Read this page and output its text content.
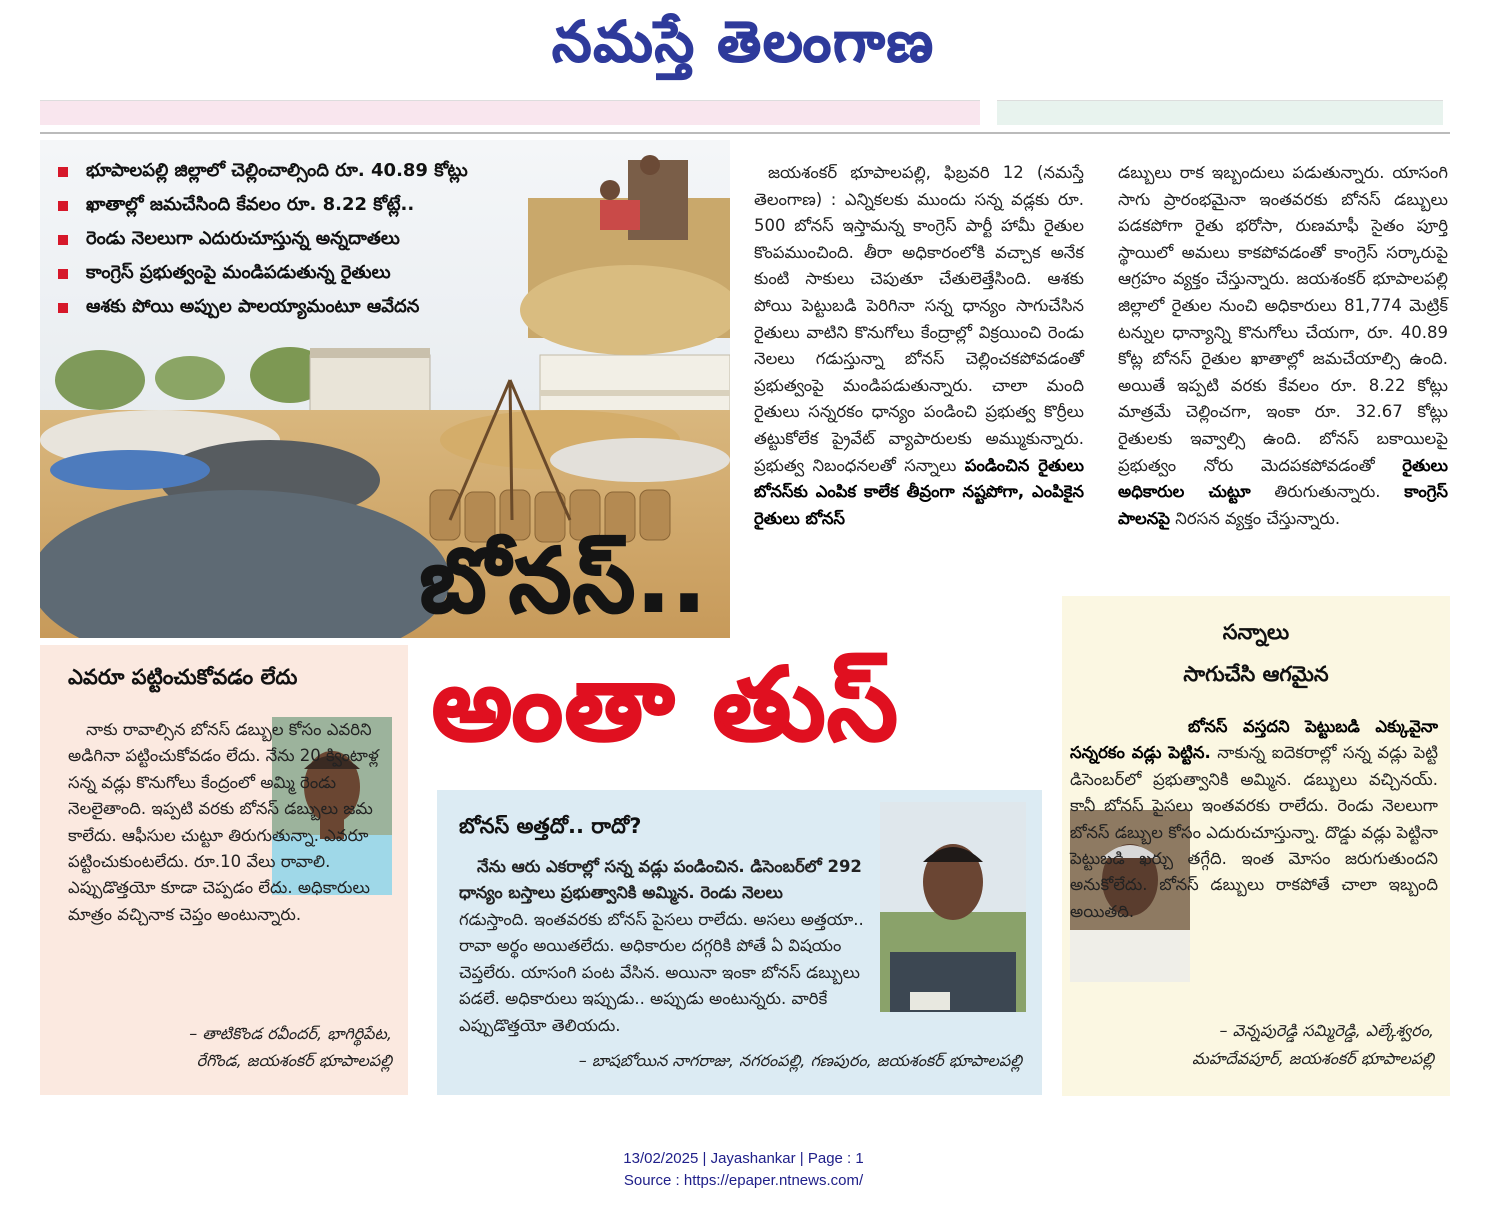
నమస్తే తెలంగాణ
భూపాలపల్లి జిల్లాలో చెల్లించాల్సింది రూ. 40.89 కోట్లు
ఖాతాల్లో జమచేసింది కేవలం రూ. 8.22 కోట్లే..
రెండు నెలలుగా ఎదురుచూస్తున్న అన్నదాతలు
కాంగ్రెస్ ప్రభుత్వంపై మండిపడుతున్న రైతులు
ఆశకు పోయి అప్పుల పాలయ్యామంటూ ఆవేదన
జయశంకర్ భూపాలపల్లి, ఫిబ్రవరి 12 (నమస్తే తెలంగాణ) : ఎన్నికలకు ముందు సన్న వడ్లకు రూ. 500 బోనస్ ఇస్తామన్న కాంగ్రెస్ పార్టీ హామీ రైతుల కొంపముంచింది. తీరా అధికారంలోకి వచ్చాక అనేక కుంటి సాకులు చెపుతూ చేతులెత్తేసింది. ఆశకు పోయి పెట్టుబడి పెరిగినా సన్న ధాన్యం సాగుచేసిన రైతులు వాటిని కొనుగోలు కేంద్రాల్లో విక్రయించి రెండు నెలలు గడుస్తున్నా బోనస్ చెల్లించకపోవడంతో ప్రభుత్వంపై మండిపడుతున్నారు. చాలా మంది రైతులు సన్నరకం ధాన్యం పండించి ప్రభుత్వ కొర్రీలు తట్టుకోలేక ప్రైవేట్ వ్యాపారులకు అమ్ముకున్నారు. ప్రభుత్వ నిబంధనలతో సన్నాలు పండించిన రైతులు బోనస్‌కు ఎంపిక కాలేక తీవ్రంగా నష్టపోగా, ఎంపికైన రైతులు బోనస్
డబ్బులు రాక ఇబ్బందులు పడుతున్నారు. యాసంగి సాగు ప్రారంభమైనా ఇంతవరకు బోనస్ డబ్బులు పడకపోగా రైతు భరోసా, రుణమాఫీ సైతం పూర్తి స్థాయిలో అమలు కాకపోవడంతో కాంగ్రెస్ సర్కారుపై ఆగ్రహం వ్యక్తం చేస్తున్నారు. జయశంకర్ భూపాలపల్లి జిల్లాలో రైతుల నుంచి అధికారులు 81,774 మెట్రిక్ టన్నుల ధాన్యాన్ని కొనుగోలు చేయగా, రూ. 40.89 కోట్ల బోనస్ రైతుల ఖాతాల్లో జమచేయాల్సి ఉంది. అయితే ఇప్పటి వరకు కేవలం రూ. 8.22 కోట్లు మాత్రమే చెల్లించగా, ఇంకా రూ. 32.67 కోట్లు రైతులకు ఇవ్వాల్సి ఉంది. బోనస్ బకాయిలపై ప్రభుత్వం నోరు మెదపకపోవడంతో రైతులు అధికారుల చుట్టూ తిరుగుతున్నారు. కాంగ్రెస్ పాలనపై నిరసన వ్యక్తం చేస్తున్నారు.
బోనస్..
ఎవరూ పట్టించుకోవడం లేదు
నాకు రావాల్సిన బోనస్ డబ్బుల కోసం ఎవరిని అడిగినా పట్టించుకోవడం లేదు. నేను 20 క్వింటాళ్ల సన్న వడ్లు కొనుగోలు కేంద్రంలో అమ్మి రెండు నెలలైతాంది. ఇప్పటి వరకు బోనస్ డబ్బులు జమ కాలేదు. ఆఫీసుల చుట్టూ తిరుగుతున్నా. ఎవరూ పట్టించుకుంటలేదు. రూ.10 వేలు రావాలి. ఎప్పుడొత్తయో కూడా చెప్పడం లేదు. అధికారులు మాత్రం వచ్చినాక చెప్తం అంటున్నారు.
– తాటికొండ రవీందర్, భాగిర్థిపేట,
రేగొండ, జయశంకర్ భూపాలపల్లి
బోనస్ అత్తదో.. రాదో?
నేను ఆరు ఎకరాల్లో సన్న వడ్లు పండించిన. డిసెంబర్‌లో 292 ధాన్యం బస్తాలు ప్రభుత్వానికి అమ్మిన. రెండు నెలలు
గడుస్తాంది. ఇంతవరకు బోనస్ పైసలు రాలేదు. అసలు అత్తయా.. రావా అర్థం అయితలేదు. అధికారుల దగ్గరికి పోతే ఏ విషయం చెప్తలేరు. యాసంగి పంట వేసిన. అయినా ఇంకా బోనస్ డబ్బులు పడలే. అధికారులు ఇప్పుడు.. అప్పుడు అంటున్నరు. వారికే ఎప్పుడొత్తయో తెలియదు.
– బాషబోయిన నాగరాజు, నగరంపల్లి, గణపురం, జయశంకర్ భూపాలపల్లి
సన్నాలు
సాగుచేసి ఆగమైన
బోనస్ వస్తదని పెట్టుబడి ఎక్కువైనా సన్నరకం వడ్లు పెట్టిన. నాకున్న ఐదెకరాల్లో సన్న వడ్లు పెట్టి డిసెంబర్‌లో ప్రభుత్వానికి అమ్మిన. డబ్బులు వచ్చినయ్. కానీ బోనస్ పైసలు ఇంతవరకు రాలేదు. రెండు నెలలుగా బోనస్ డబ్బుల కోసం ఎదురుచూస్తున్నా. దొడ్డు వడ్లు పెట్టినా పెట్టుబడి ఖర్చు తగ్గేది. ఇంత మోసం జరుగుతుందని అనుకోలేదు. బోనస్ డబ్బులు రాకపోతే చాలా ఇబ్బంది అయితది.
– వెన్నపురెడ్డి సమ్మిరెడ్డి, ఎల్కేశ్వరం,
మహదేవపూర్, జయశంకర్ భూపాలపల్లి
అంతా తుస్
13/02/2025 | Jayashankar | Page : 1
Source : https://epaper.ntnews.com/
